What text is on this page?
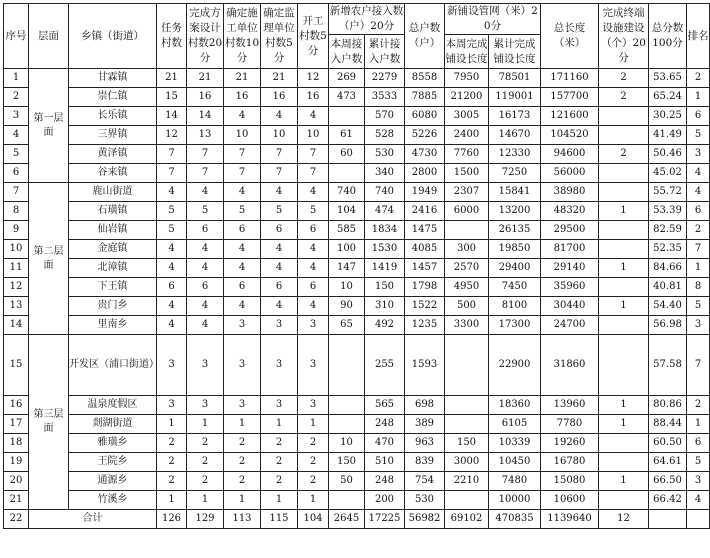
序号	层面	乡镇（街道）	任务村数	完成方案设计村数20分	确定施工单位村数10分	确定监理单位村数5分	开工村数5分	新增农户接入数（户）20分		总户数（户）	新铺设管网（米）20分		总长度（米）	完成终端设施建设（个）20分	总分数100分	排名
								本周接入户数	累计接入户数		本周完成铺设长度	累计完成铺设长度				
1	第一层面	甘霖镇	21	21	21	21	12	269	2279	8558	7950	78501	171160	2	53.65	2
2		崇仁镇	15	16	16	16	16	473	3533	7885	21200	119001	157700	2	65.24	1
3		长乐镇	14	14	4	4	4		570	6080	3005	16173	121600		30.25	6
4		三界镇	12	13	10	10	10	61	528	5226	2400	14670	104520		41.49	5
5		黄泽镇	7	7	7	7	7	60	530	4730	7760	12330	94600	2	50.46	3
6		谷来镇	7	7	7	7	7		340	2800	1500	7250	56000		45.02	4
7	第二层面	鹿山街道	4	4	4	4	4	740	740	1949	2307	15841	38980		55.72	4
8		石璜镇	5	5	5	5	5	104	474	2416	6000	13200	48320	1	53.39	6
9		仙岩镇	5	6	6	6	6	585	1834	1475		26135	29500		82.59	2
10		金庭镇	4	4	4	4	4	100	1530	4085	300	19850	81700		52.35	7
11		北漳镇	4	4	4	4	4	147	1419	1457	2570	29400	29140	1	84.66	1
12		下王镇	6	6	6	6	6	10	150	1798	4950	7450	35960		40.81	8
13		贵门乡	4	4	4	4	4	90	310	1522	500	8100	30440	1	54.40	5
14		里南乡	4	4	3	3	3	65	492	1235	3300	17300	24700		56.98	3
15	第三层面	开发区（浦口街道）	3	3	3	3	3		255	1593		22900	31860		57.58	7
16		温泉度假区	3	3	3	3	3		565	698		18360	13960	1	80.86	2
17		剡湖街道	1	1	1	1	1		248	389		6105	7780	1	88.44	1
18		雅璜乡	2	2	2	2	2	10	470	963	150	10339	19260		60.50	6
19		王院乡	2	2	2	2	2	150	510	839	3000	10450	16780		64.61	5
20		通源乡	2	2	2	2	2	50	248	754	2210	7480	15080	1	66.50	3
21		竹溪乡	1	1	1	1	1		200	530		10000	10600		66.42	4
22	合计		126	129	113	115	104	2645	17225	56982	69102	470835	1139640	12		
